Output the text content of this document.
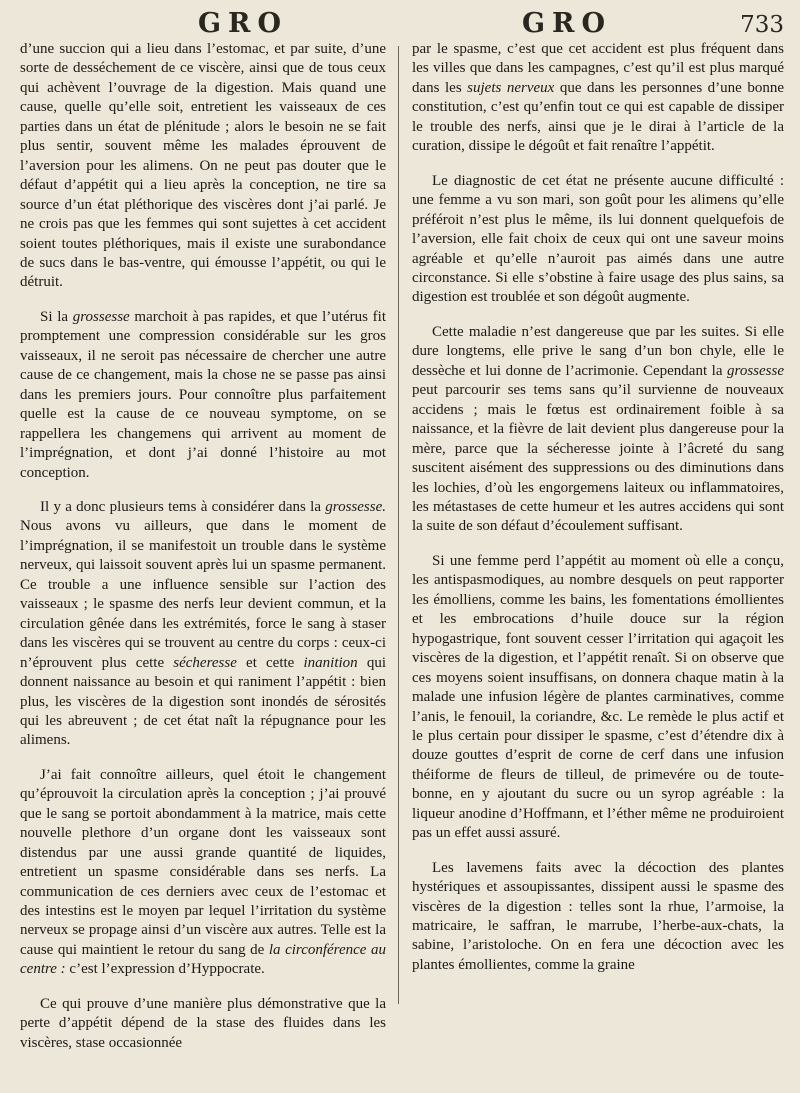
GRO	GRO	733

d’une succion qui a lieu dans l’estomac, et par suite, d’une sorte de desséchement de ce viscère, ainsi que de tous ceux qui achèvent l’ouvrage de la digestion. Mais quand une cause, quelle qu’elle soit, entretient les vaisseaux de ces parties dans un état de plénitude ; alors le besoin ne se fait plus sentir, souvent même les malades éprouvent de l’aversion pour les alimens. On ne peut pas douter que le défaut d’appétit qui a lieu après la conception, ne tire sa source d’un état pléthorique des viscères dont j’ai parlé. Je ne crois pas que les femmes qui sont sujettes à cet accident soient toutes pléthoriques, mais il existe une surabondance de sucs dans le bas-ventre, qui émousse l’appétit, ou qui le détruit.

Si la grossesse marchoit à pas rapides, et que l’utérus fit promptement une compression considérable sur les gros vaisseaux, il ne seroit pas nécessaire de chercher une autre cause de ce changement, mais la chose ne se passe pas ainsi dans les premiers jours. Pour connoître plus parfaitement quelle est la cause de ce nouveau symptome, on se rappellera les changemens qui arrivent au moment de l’imprégnation, et dont j’ai donné l’histoire au mot conception.

Il y a donc plusieurs tems à considérer dans la grossesse. Nous avons vu ailleurs, que dans le moment de l’imprégnation, il se manifestoit un trouble dans le système nerveux, qui laissoit souvent après lui un spasme permanent. Ce trouble a une influence sensible sur l’action des vaisseaux ; le spasme des nerfs leur devient commun, et la circulation gênée dans les extrémités, force le sang à staser dans les viscères qui se trouvent au centre du corps : ceux-ci n’éprouvent plus cette sécheresse et cette inanition qui donnent naissance au besoin et qui raniment l’appétit : bien plus, les viscères de la digestion sont inondés de sérosités qui les abreuvent ; de cet état naît la répugnance pour les alimens.

J’ai fait connoître ailleurs, quel étoit le changement qu’éprouvoit la circulation après la conception ; j’ai prouvé que le sang se portoit abondamment à la matrice, mais cette nouvelle plethore d’un organe dont les vaisseaux sont distendus par une aussi grande quantité de liquides, entretient un spasme considérable dans ses nerfs. La communication de ces derniers avec ceux de l’estomac et des intestins est le moyen par lequel l’irritation du système nerveux se propage ainsi d’un viscère aux autres. Telle est la cause qui maintient le retour du sang de la circonférence au centre : c’est l’expression d’Hyppocrate.

Ce qui prouve d’une manière plus démonstrative que la perte d’appétit dépend de la stase des fluides dans les viscères, stase occasionnée

par le spasme, c’est que cet accident est plus fréquent dans les villes que dans les campagnes, c’est qu’il est plus marqué dans les sujets nerveux que dans les personnes d’une bonne constitution, c’est qu’enfin tout ce qui est capable de dissiper le trouble des nerfs, ainsi que je le dirai à l’article de la curation, dissipe le dégoût et fait renaître l’appétit.

Le diagnostic de cet état ne présente aucune difficulté : une femme a vu son mari, son goût pour les alimens qu’elle préféroit n’est plus le même, ils lui donnent quelquefois de l’aversion, elle fait choix de ceux qui ont une saveur moins agréable et qu’elle n’auroit pas aimés dans une autre circonstance. Si elle s’obstine à faire usage des plus sains, sa digestion est troublée et son dégoût augmente.

Cette maladie n’est dangereuse que par les suites. Si elle dure longtems, elle prive le sang d’un bon chyle, elle le dessèche et lui donne de l’acrimonie. Cependant la grossesse peut parcourir ses tems sans qu’il survienne de nouveaux accidens ; mais le fœtus est ordinairement foible à sa naissance, et la fièvre de lait devient plus dangereuse pour la mère, parce que la sécheresse jointe à l’âcreté du sang suscitent aisément des suppressions ou des diminutions dans les lochies, d’où les engorgemens laiteux ou inflammatoires, les métastases de cette humeur et les autres accidens qui sont la suite de son défaut d’écoulement suffisant.

Si une femme perd l’appétit au moment où elle a conçu, les antispasmodiques, au nombre desquels on peut rapporter les émolliens, comme les bains, les fomentations émollientes et les embrocations d’huile douce sur la région hypogastrique, font souvent cesser l’irritation qui agaçoit les viscères de la digestion, et l’appétit renaît. Si on observe que ces moyens soient insuffisans, on donnera chaque matin à la malade une infusion légère de plantes carminatives, comme l’anis, le fenouil, la coriandre, &c. Le remède le plus actif et le plus certain pour dissiper le spasme, c’est d’étendre dix à douze gouttes d’esprit de corne de cerf dans une infusion théiforme de fleurs de tilleul, de primevére ou de toute-bonne, en y ajoutant du sucre ou un syrop agréable : la liqueur anodine d’Hoffmann, et l’éther même ne produiroient pas un effet aussi assuré.

Les lavemens faits avec la décoction des plantes hystériques et assoupissantes, dissipent aussi le spasme des viscères de la digestion : telles sont la rhue, l’armoise, la matricaire, le saffran, le marrube, l’herbe-aux-chats, la sabine, l’aristoloche. On en fera une décoction avec les plantes émollientes, comme la graine
